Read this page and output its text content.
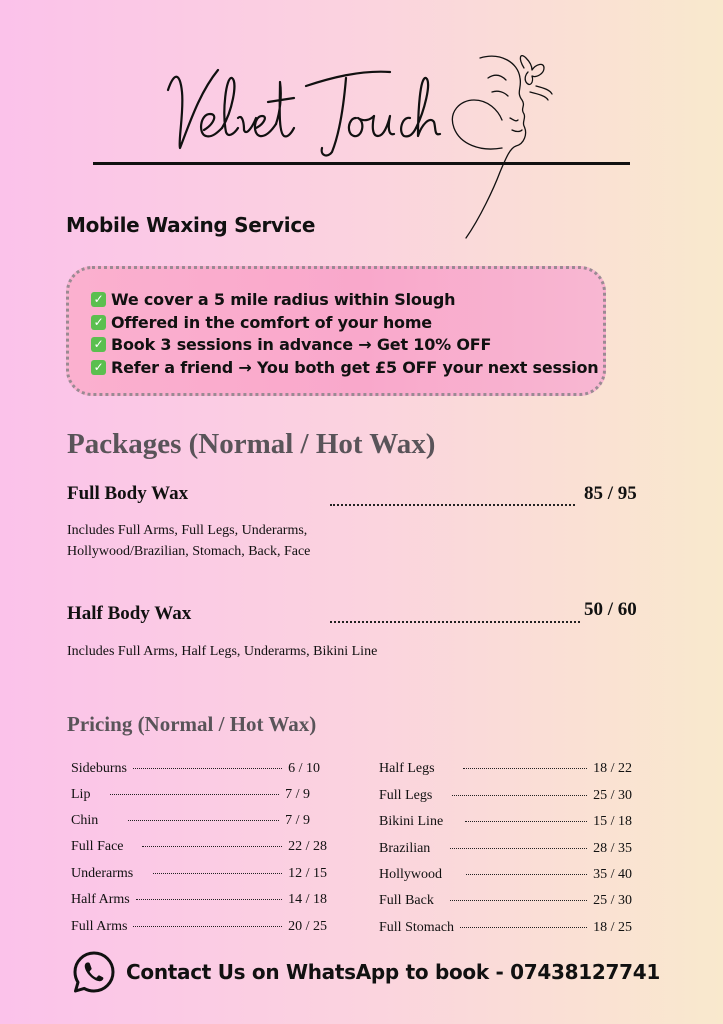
Mobile Waxing Service
✓ We cover a 5 mile radius within Slough
✓ Offered in the comfort of your home
✓ Book 3 sessions in advance → Get 10% OFF
✓ Refer a friend → You both get £5 OFF your next session
Packages (Normal / Hot Wax)
Full Body Wax	85 / 95
Includes Full Arms, Full Legs, Underarms, Hollywood/Brazilian, Stomach, Back, Face
Half Body Wax	50 / 60
Includes Full Arms, Half Legs, Underarms, Bikini Line
Pricing (Normal / Hot Wax)
Sideburns	6 / 10
Lip	7 / 9
Chin	7 / 9
Full Face	22 / 28
Underarms	12 / 15
Half Arms	14 / 18
Full Arms	20 / 25
Half Legs	18 / 22
Full Legs	25 / 30
Bikini Line	15 / 18
Brazilian	28 / 35
Hollywood	35 / 40
Full Back	25 / 30
Full Stomach	18 / 25
Contact Us on WhatsApp to book - 07438127741
